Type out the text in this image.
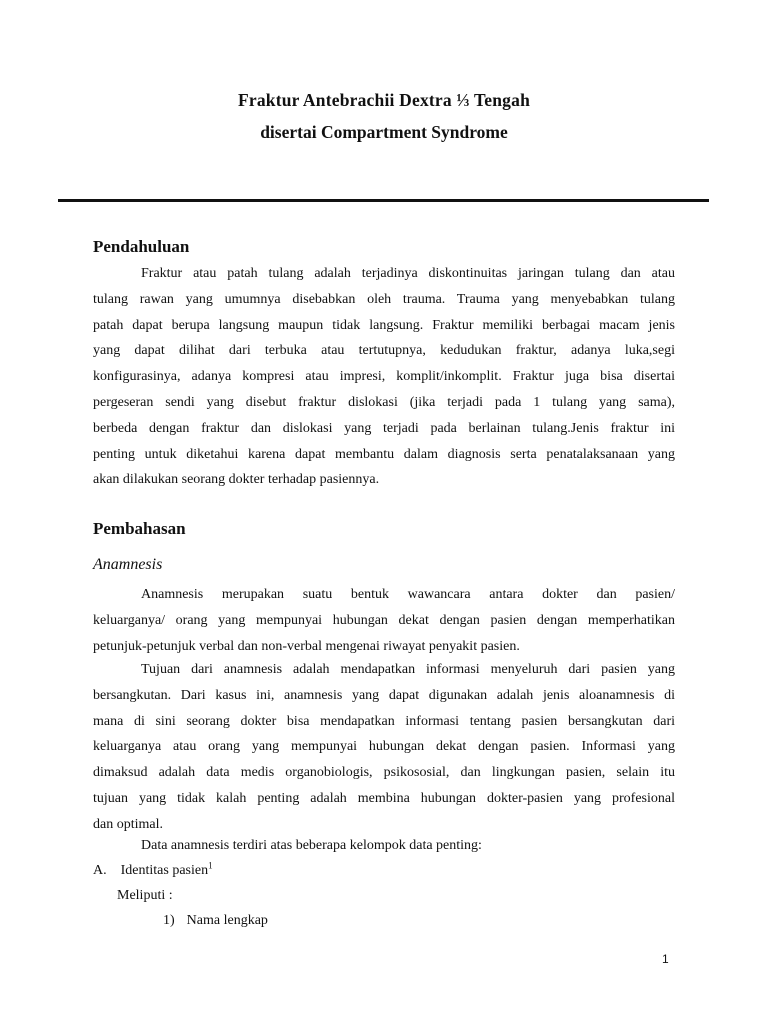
Fraktur Antebrachii Dextra ⅓ Tengah
disertai Compartment Syndrome
Pendahuluan
Fraktur atau patah tulang adalah terjadinya diskontinuitas jaringan tulang dan atau
tulang rawan yang umumnya disebabkan oleh trauma. Trauma yang menyebabkan tulang
patah dapat berupa langsung maupun tidak langsung. Fraktur memiliki berbagai macam jenis
yang dapat dilihat dari terbuka atau tertutupnya, kedudukan fraktur, adanya luka,segi
konfigurasinya, adanya kompresi atau impresi, komplit/inkomplit. Fraktur juga bisa disertai
pergeseran sendi yang disebut fraktur dislokasi (jika terjadi pada 1 tulang yang sama),
berbeda dengan fraktur dan dislokasi yang terjadi pada berlainan tulang.Jenis fraktur ini
penting untuk diketahui karena dapat membantu dalam diagnosis serta penatalaksanaan yang
akan dilakukan seorang dokter terhadap pasiennya.
Pembahasan
Anamnesis
Anamnesis merupakan suatu bentuk wawancara antara dokter dan pasien/
keluarganya/ orang yang mempunyai hubungan dekat dengan pasien dengan memperhatikan
petunjuk-petunjuk verbal dan non-verbal mengenai riwayat penyakit pasien.
Tujuan dari anamnesis adalah mendapatkan informasi menyeluruh dari pasien yang
bersangkutan. Dari kasus ini, anamnesis yang dapat digunakan adalah jenis aloanamnesis di
mana di sini seorang dokter bisa mendapatkan informasi tentang pasien bersangkutan dari
keluarganya atau orang yang mempunyai hubungan dekat dengan pasien. Informasi yang
dimaksud adalah data medis organobiologis, psikososial, dan lingkungan pasien, selain itu
tujuan yang tidak kalah penting adalah membina hubungan dokter-pasien yang profesional
dan optimal.
Data anamnesis terdiri atas beberapa kelompok data penting:
A. Identitas pasien$^1$
Meliputi :
1) Nama lengkap
1
